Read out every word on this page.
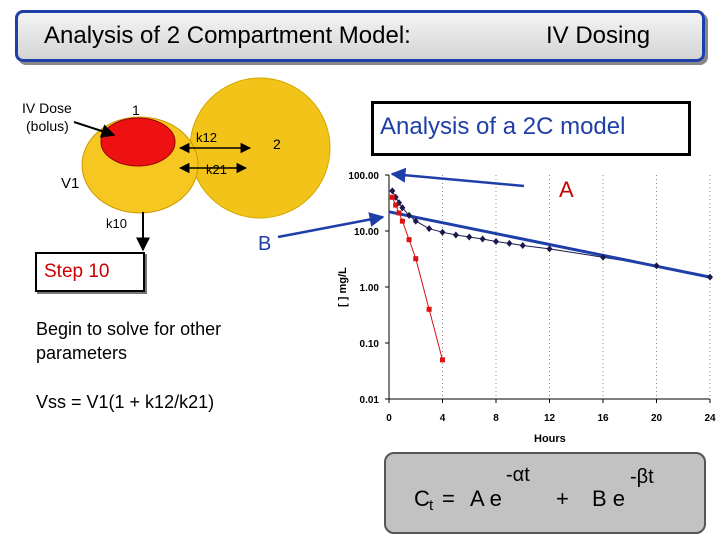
Analysis of 2 Compartment Model:	IV Dosing
Analysis of a 2C model
IV Dose
(bolus)
1
2
k12
k21
V1
k10
100.00
10.00
1.00
0.10
0.01
0	4	8	12	16	20	24
Hours
[ ] mg/L
A
B
Step 10
Begin to solve for other
parameters
Vss = V1(1 + k12/k21)
C t = A e
-αt
+ B e
-βt
